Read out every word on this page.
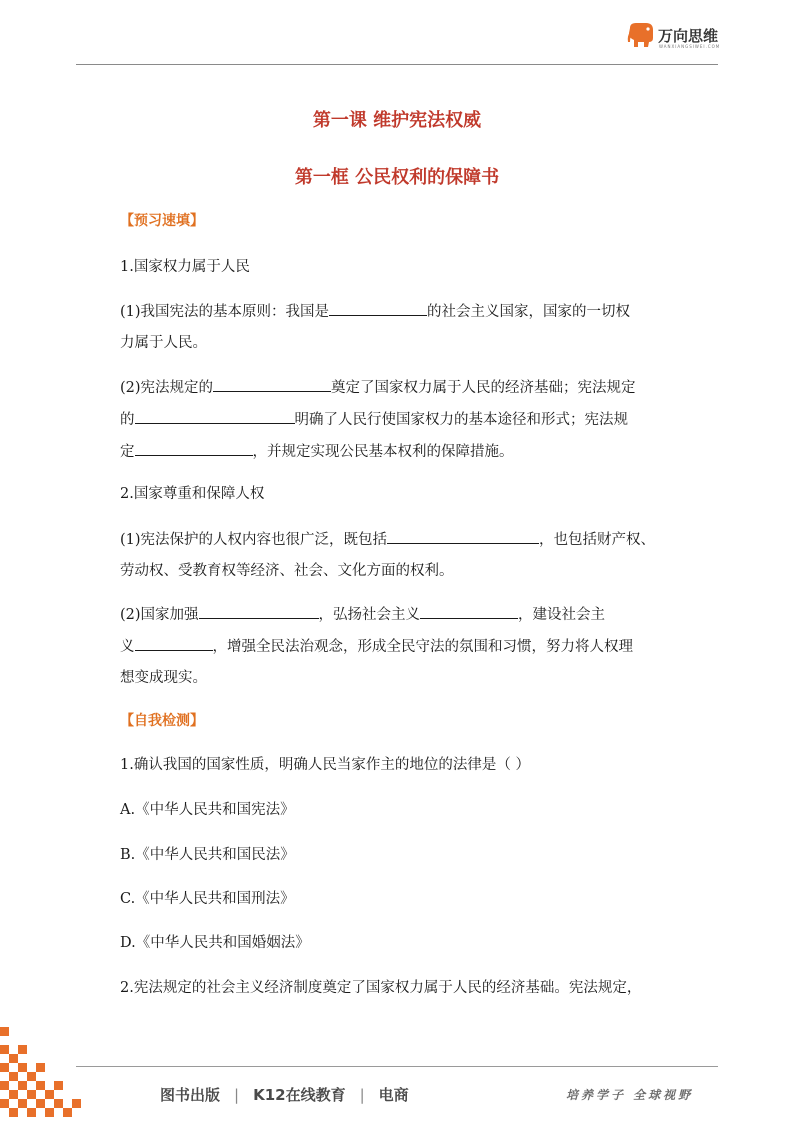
万向思维
WANXIANGSIWEI.COM
第一课 维护宪法权威
第一框 公民权利的保障书
【预习速填】
1.国家权力属于人民
(1)我国宪法的基本原则：我国是	的社会主义国家，国家的一切权
力属于人民。
(2)宪法规定的	奠定了国家权力属于人民的经济基础；宪法规定
的	明确了人民行使国家权力的基本途径和形式；宪法规
定	，并规定实现公民基本权利的保障措施。
2.国家尊重和保障人权
(1)宪法保护的人权内容也很广泛，既包括	，也包括财产权、
劳动权、受教育权等经济、社会、文化方面的权利。
(2)国家加强	，弘扬社会主义	，建设社会主
义	，增强全民法治观念，形成全民守法的氛围和习惯，努力将人权理
想变成现实。
【自我检测】
1.确认我国的国家性质，明确人民当家作主的地位的法律是（ ）
A.《中华人民共和国宪法》
B.《中华人民共和国民法》
C.《中华人民共和国刑法》
D.《中华人民共和国婚姻法》
2.宪法规定的社会主义经济制度奠定了国家权力属于人民的经济基础。宪法规定，
图书出版 | K12在线教育 | 电商	培养学子 全球视野
